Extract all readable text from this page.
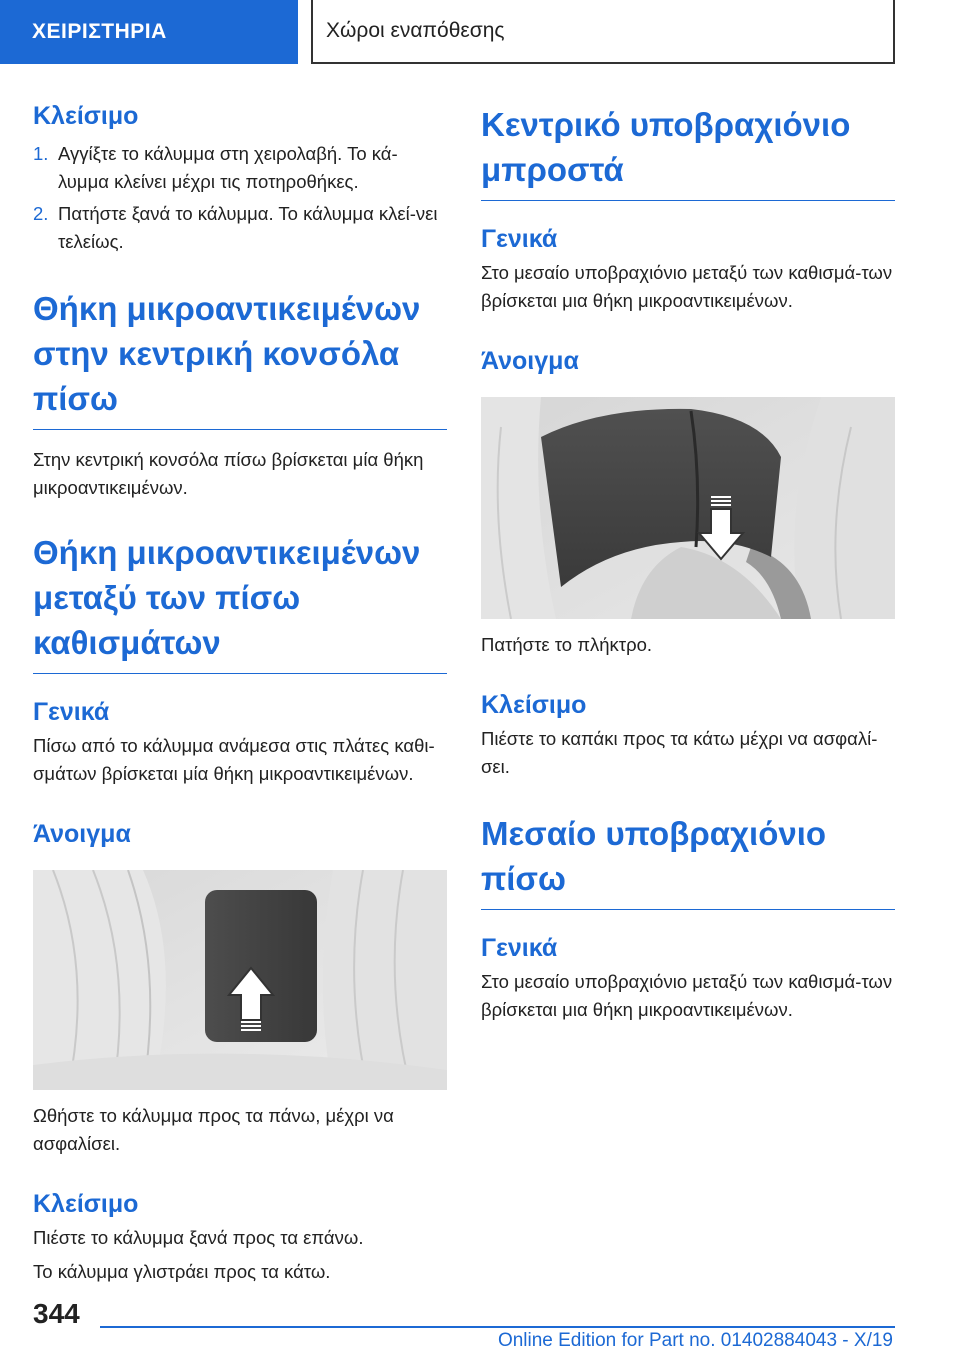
ΧΕΙΡΙΣΤΗΡΙΑ	Χώροι εναπόθεσης
Κλείσιμο
1. Αγγίξτε το κάλυμμα στη χειρολαβή. Το κά‐λυμμα κλείνει μέχρι τις ποτηροθήκες.
2. Πατήστε ξανά το κάλυμμα. Το κάλυμμα κλεί‐νει τελείως.
Θήκη μικροαντικειμένων στην κεντρική κονσόλα πίσω

Στην κεντρική κονσόλα πίσω βρίσκεται μία θήκη μικροαντικειμένων.

Θήκη μικροαντικειμένων μεταξύ των πίσω καθισμάτων
Γενικά

Πίσω από το κάλυμμα ανάμεσα στις πλάτες καθι‐σμάτων βρίσκεται μία θήκη μικροαντικειμένων.

Άνοιγμα

Ωθήστε το κάλυμμα προς τα πάνω, μέχρι να ασφαλίσει.

Κλείσιμο

Πιέστε το κάλυμμα ξανά προς τα επάνω.

Το κάλυμμα γλιστράει προς τα κάτω.

Κεντρικό υποβραχιόνιο μπροστά
Γενικά

Στο μεσαίο υποβραχιόνιο μεταξύ των καθισμά‐των βρίσκεται μια θήκη μικροαντικειμένων.

Άνοιγμα

Πατήστε το πλήκτρο.

Κλείσιμο

Πιέστε το καπάκι προς τα κάτω μέχρι να ασφαλί‐σει.

Μεσαίο υποβραχιόνιο πίσω
Γενικά

Στο μεσαίο υποβραχιόνιο μεταξύ των καθισμά‐των βρίσκεται μια θήκη μικροαντικειμένων.

344
Online Edition for Part no. 01402884043 - X/19
